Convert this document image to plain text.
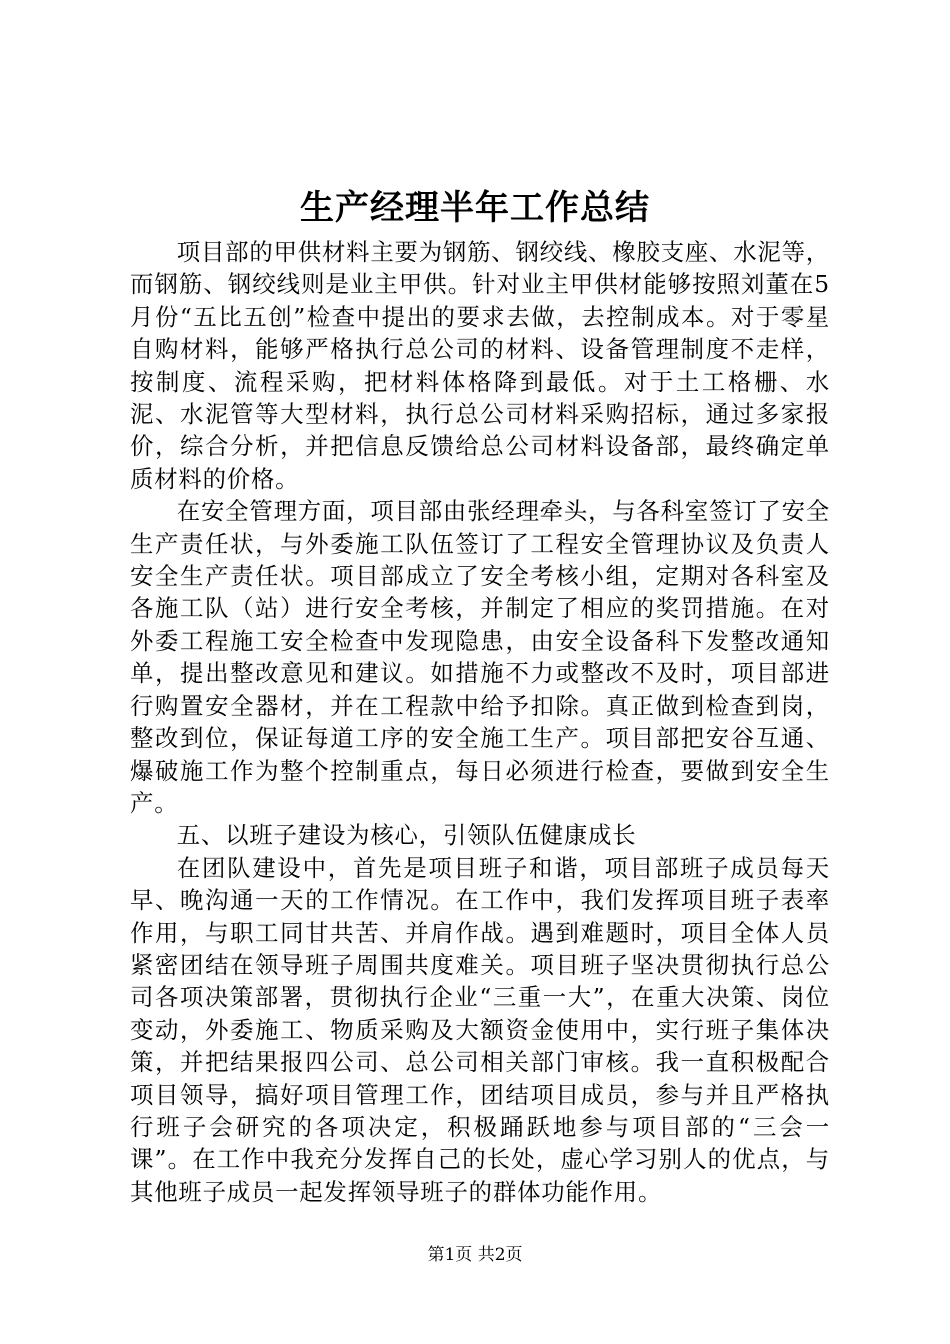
生产经理半年工作总结

项目部的甲供材料主要为钢筋、钢绞线、橡胶支座、水泥等，而钢筋、钢绞线则是业主甲供。针对业主甲供材能够按照刘董在5月份“五比五创”检查中提出的要求去做，去控制成本。对于零星自购材料，能够严格执行总公司的材料、设备管理制度不走样，按制度、流程采购，把材料体格降到最低。对于土工格栅、水泥、水泥管等大型材料，执行总公司材料采购招标，通过多家报价，综合分析，并把信息反馈给总公司材料设备部，最终确定单质材料的价格。

在安全管理方面，项目部由张经理牵头，与各科室签订了安全生产责任状，与外委施工队伍签订了工程安全管理协议及负责人安全生产责任状。项目部成立了安全考核小组，定期对各科室及各施工队（站）进行安全考核，并制定了相应的奖罚措施。在对外委工程施工安全检查中发现隐患，由安全设备科下发整改通知单，提出整改意见和建议。如措施不力或整改不及时，项目部进行购置安全器材，并在工程款中给予扣除。真正做到检查到岗，整改到位，保证每道工序的安全施工生产。项目部把安谷互通、爆破施工作为整个控制重点，每日必须进行检查，要做到安全生产。

五、以班子建设为核心，引领队伍健康成长

在团队建设中，首先是项目班子和谐，项目部班子成员每天早、晚沟通一天的工作情况。在工作中，我们发挥项目班子表率作用，与职工同甘共苦、并肩作战。遇到难题时，项目全体人员紧密团结在领导班子周围共度难关。项目班子坚决贯彻执行总公司各项决策部署，贯彻执行企业“三重一大”，在重大决策、岗位变动，外委施工、物质采购及大额资金使用中，实行班子集体决策，并把结果报四公司、总公司相关部门审核。我一直积极配合项目领导，搞好项目管理工作，团结项目成员，参与并且严格执行班子会研究的各项决定，积极踊跃地参与项目部的“三会一课”。在工作中我充分发挥自己的长处，虚心学习别人的优点，与其他班子成员一起发挥领导班子的群体功能作用。

第1页 共2页
